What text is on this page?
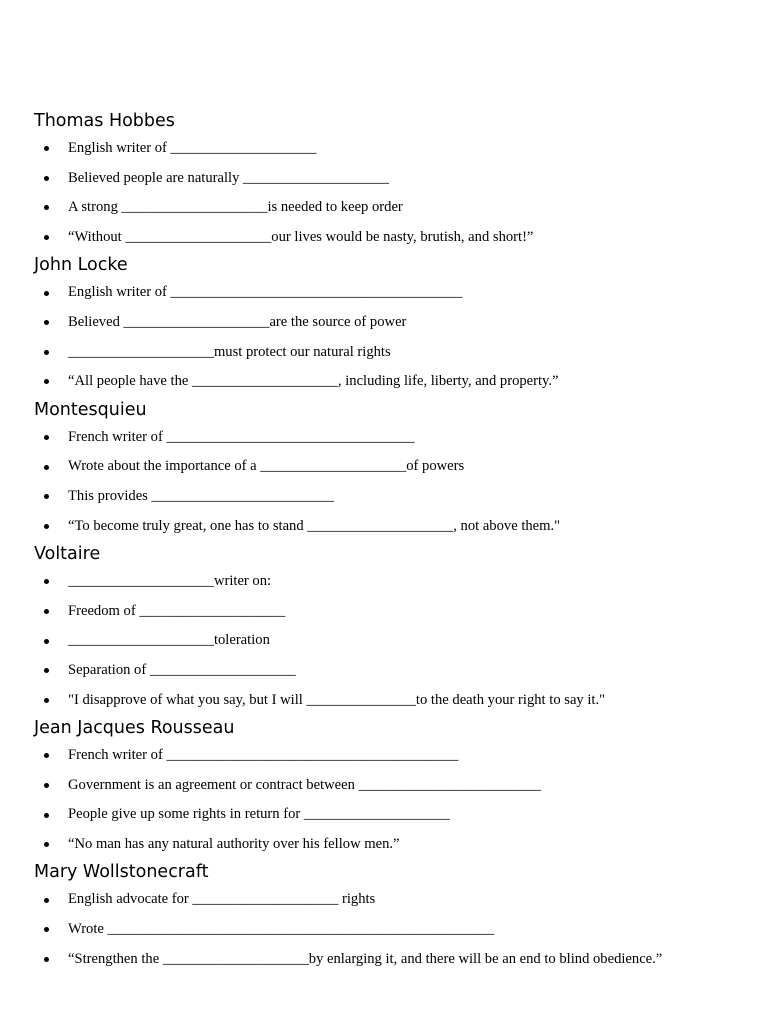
Thomas Hobbes
English writer of ____________________
Believed people are naturally ____________________
A strong ____________________is needed to keep order
“Without ____________________our lives would be nasty, brutish, and short!”
John Locke
English writer of ________________________________________
Believed ____________________are the source of power
____________________must protect our natural rights
“All people have the ____________________, including life, liberty, and property.”
Montesquieu
French writer of __________________________________
Wrote about the importance of a ____________________of powers
This provides _________________________
“To become truly great, one has to stand ____________________, not above them."
Voltaire
____________________writer on:
Freedom of ____________________
____________________toleration
Separation of ____________________
"I disapprove of what you say, but I will _______________to the death your right to say it."
Jean Jacques Rousseau
French writer of ________________________________________
Government is an agreement or contract between _________________________
People give up some rights in return for ____________________
“No man has any natural authority over his fellow men.”
Mary Wollstonecraft
English advocate for ____________________ rights
Wrote _____________________________________________________
“Strengthen the ____________________by enlarging it, and there will be an end to blind obedience.”
